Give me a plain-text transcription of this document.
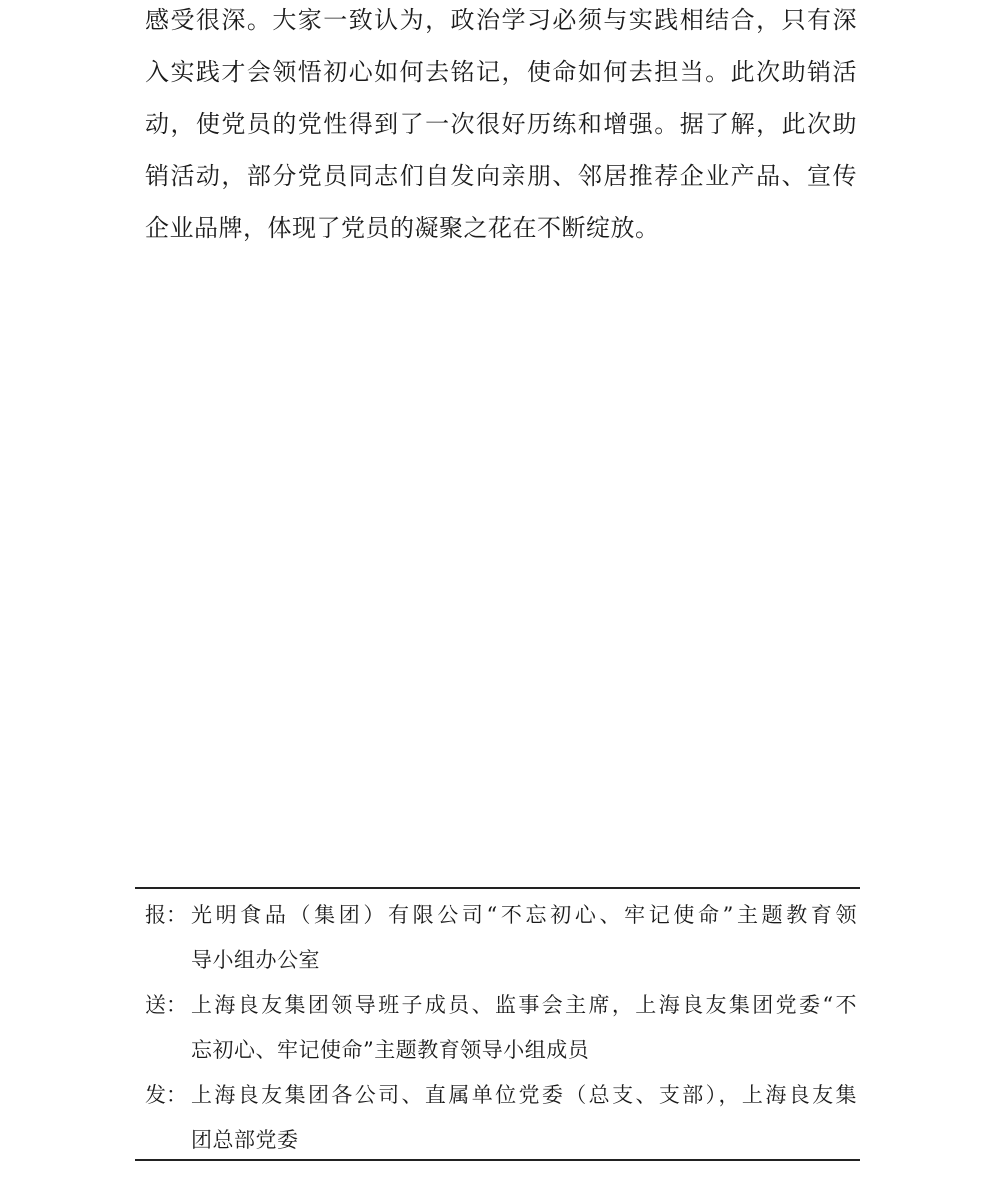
感受很深。大家一致认为，政治学习必须与实践相结合，只有深
入实践才会领悟初心如何去铭记，使命如何去担当。此次助销活
动，使党员的党性得到了一次很好历练和增强。据了解，此次助
销活动，部分党员同志们自发向亲朋、邻居推荐企业产品、宣传
企业品牌，体现了党员的凝聚之花在不断绽放。
报： 光明食品（集团）有限公司“不忘初心、牢记使命”主题教育领
导小组办公室
送： 上海良友集团领导班子成员、监事会主席，上海良友集团党委“不
忘初心、牢记使命”主题教育领导小组成员
发： 上海良友集团各公司、直属单位党委（总支、支部），上海良友集
团总部党委
